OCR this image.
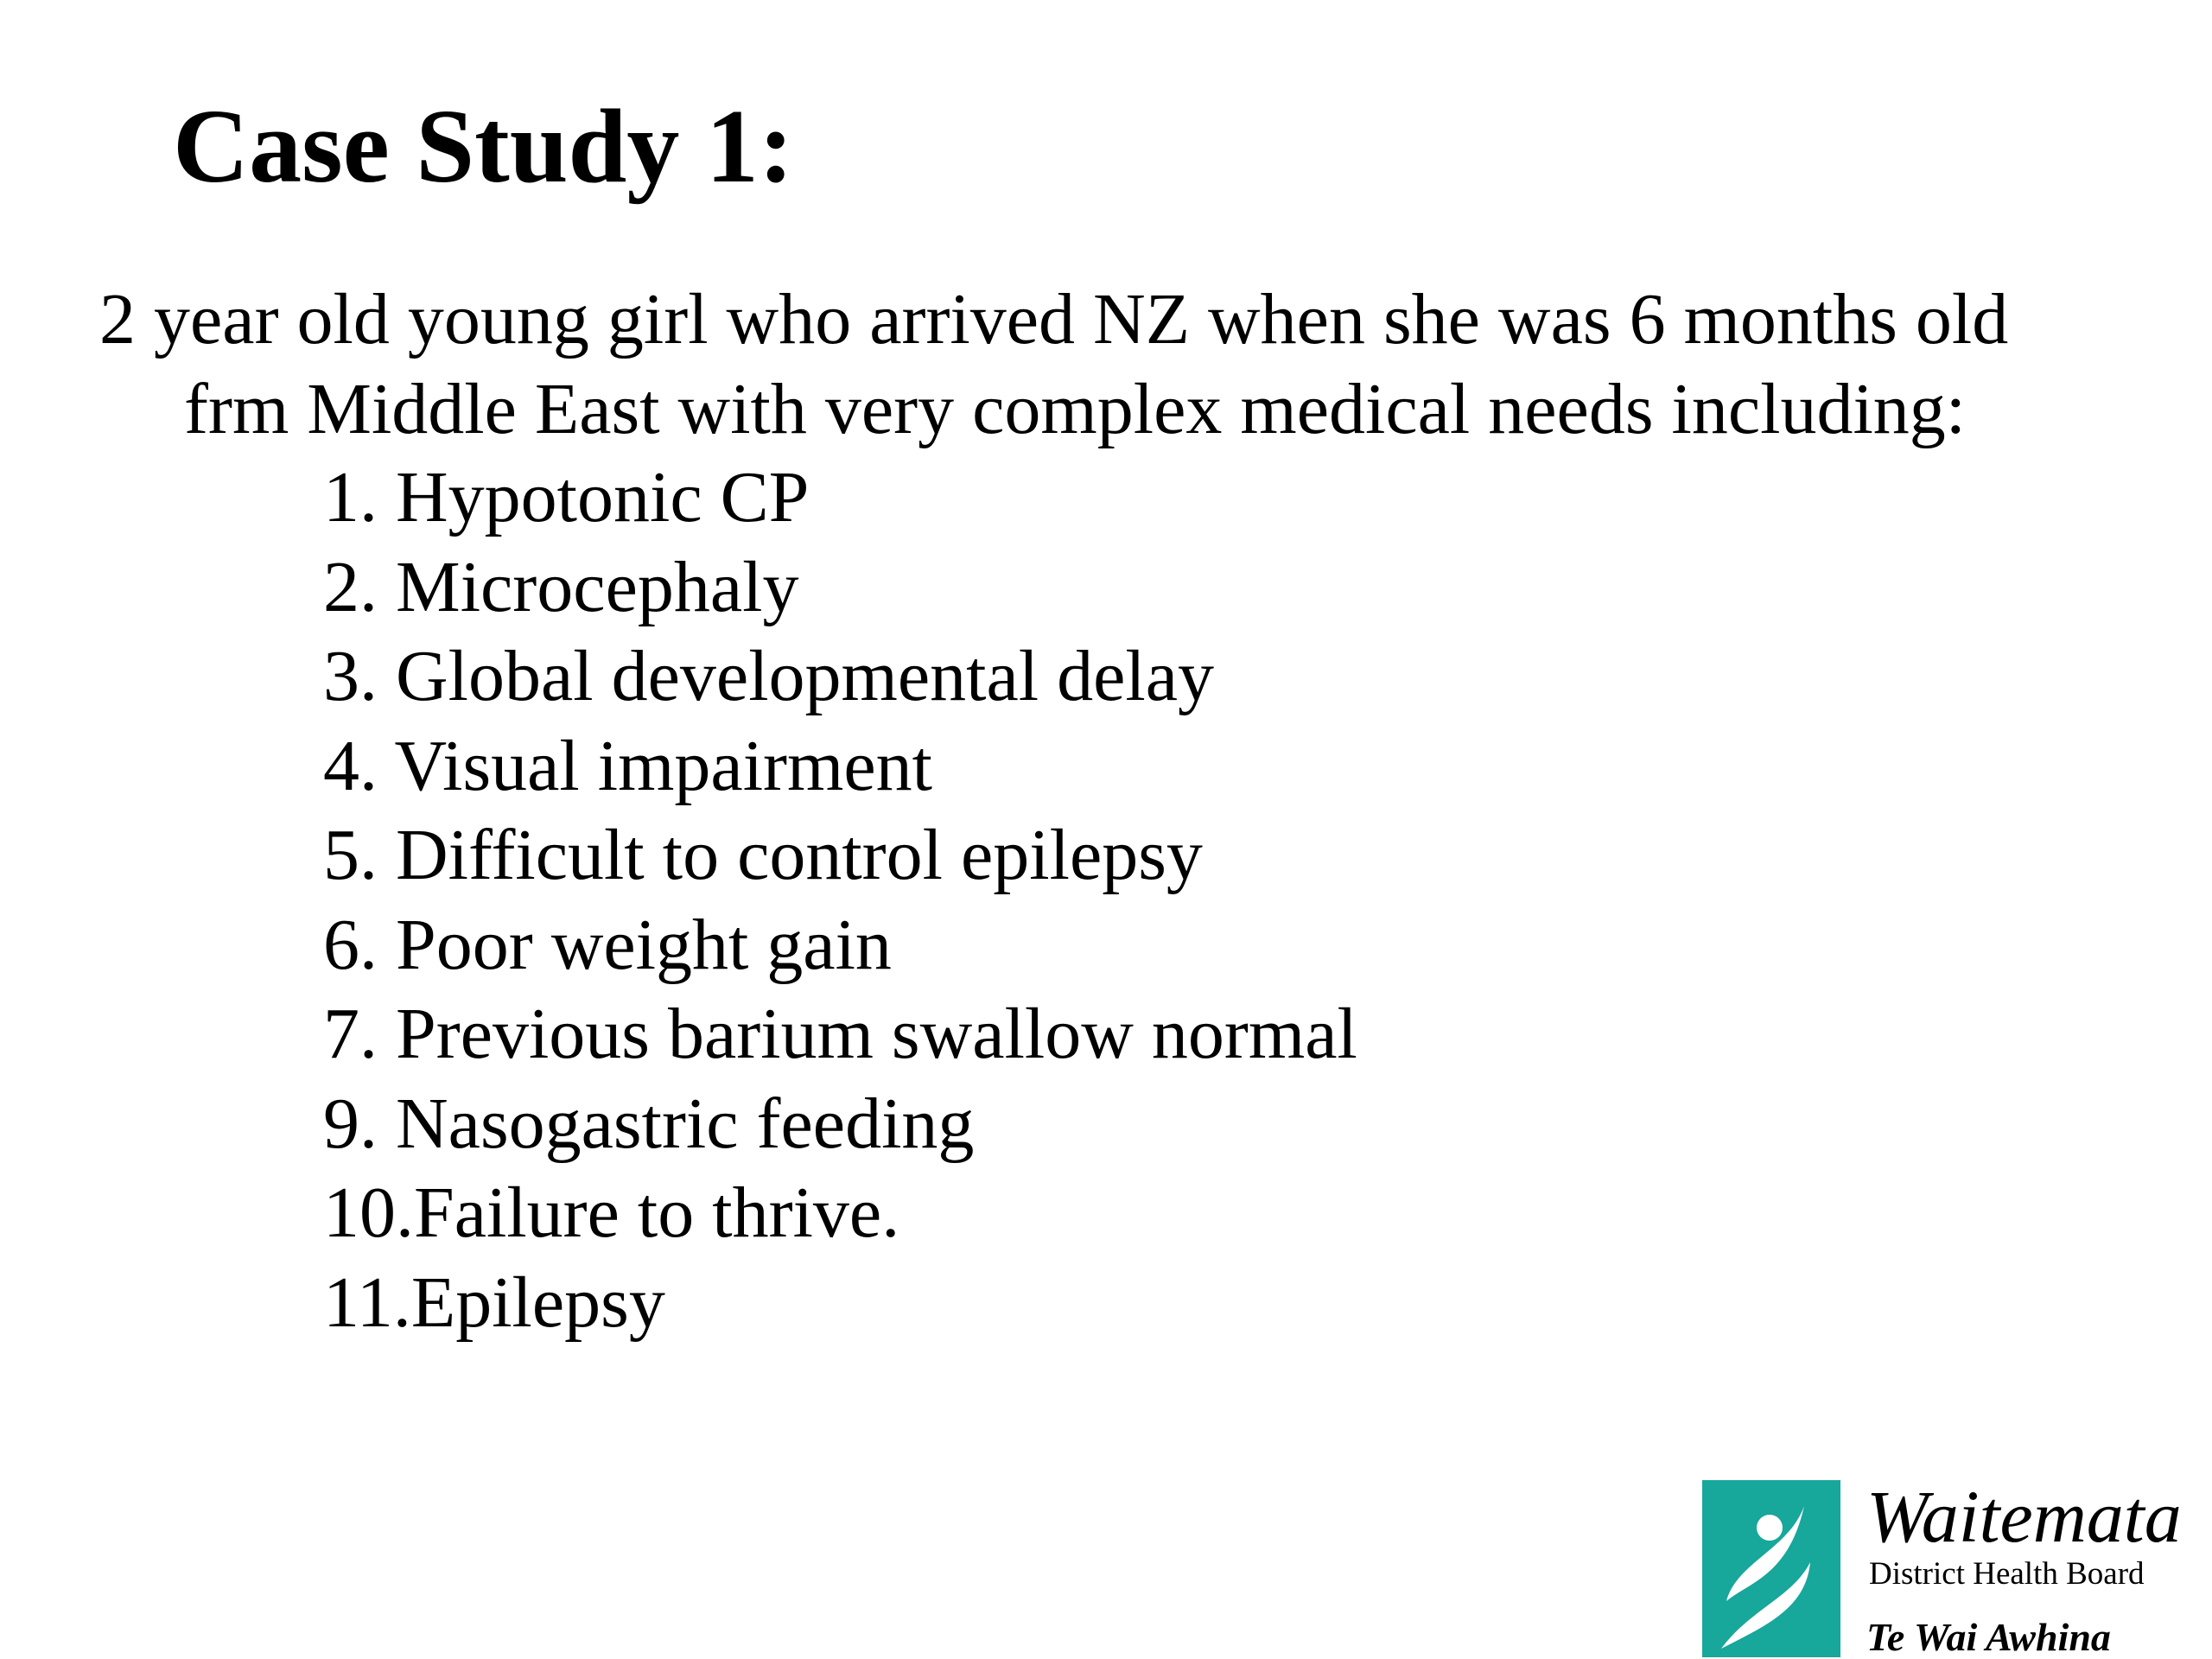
Case Study 1:

2 year old young girl who arrived NZ when she was 6 months old
frm Middle East with very complex medical needs including:

1. Hypotonic CP
2. Microcephaly
3. Global developmental delay
4. Visual impairment
5. Difficult to control epilepsy
6. Poor weight gain
7. Previous barium swallow normal
9. Nasogastric feeding
10.Failure to thrive.
11.Epilepsy
Waitemata
District Health Board
Te Wai Awhina
